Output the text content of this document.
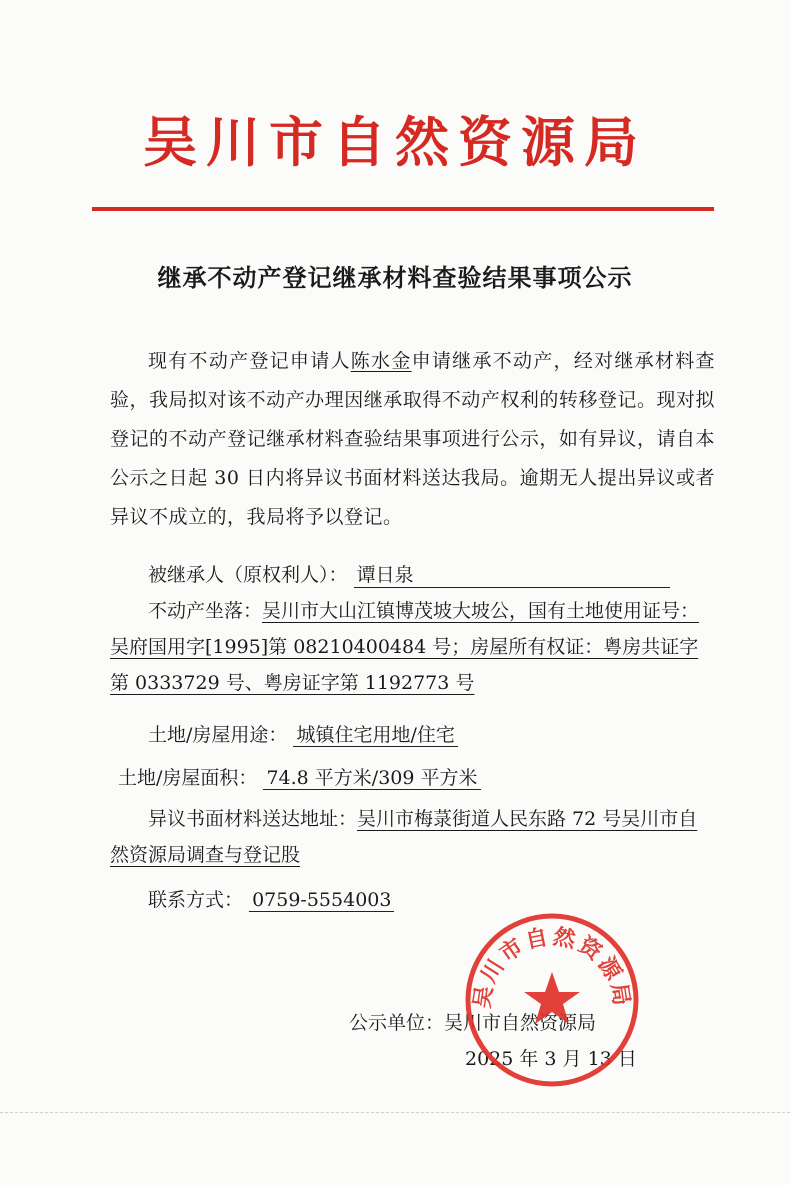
吴川市自然资源局
继承不动产登记继承材料查验结果事项公示
现有不动产登记申请人陈水金申请继承不动产，经对继承材料查验，我局拟对该不动产办理因继承取得不动产权利的转移登记。现对拟登记的不动产登记继承材料查验结果事项进行公示，如有异议，请自本公示之日起 30 日内将异议书面材料送达我局。逾期无人提出异议或者异议不成立的，我局将予以登记。
被继承人（原权利人）： 谭日泉
不动产坐落：吴川市大山江镇博茂坡大坡公，国有土地使用证号：吴府国用字[1995]第 08210400484 号；房屋所有权证：粤房共证字第 0333729 号、粤房证字第 1192773 号
土地/房屋用途： 城镇住宅用地/住宅
土地/房屋面积： 74.8 平方米/309 平方米
异议书面材料送达地址：吴川市梅菉街道人民东路 72 号吴川市自然资源局调查与登记股
联系方式： 0759-5554003
公示单位：吴川市自然资源局
2025 年 3 月 13 日
吴川市自然资源局
